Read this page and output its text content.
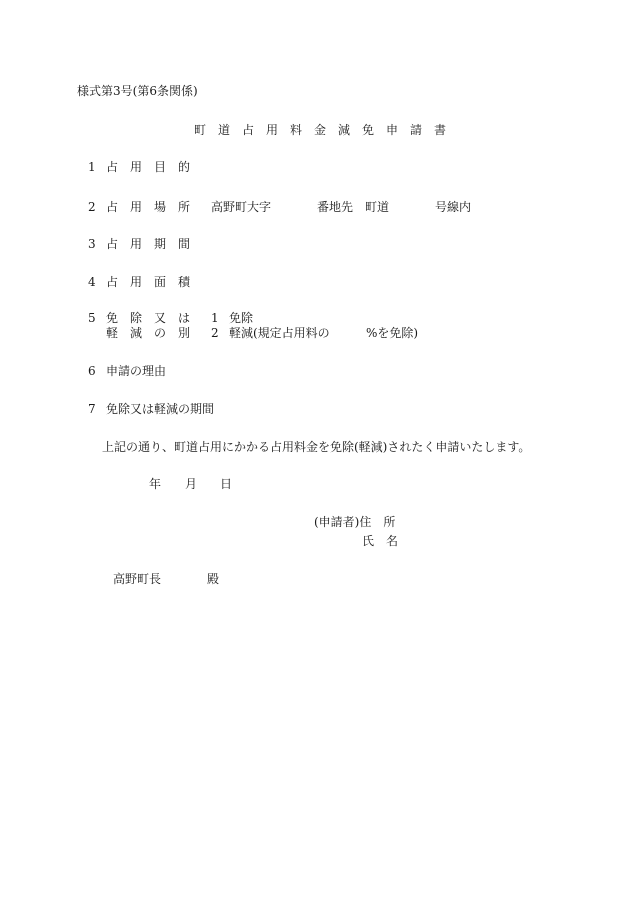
様式第3号(第6条関係)
町　道　占　用　料　金　減　免　申　請　書
1 占　用　目　的
2 占　用　場　所 高野町大字	番地先　町道	号線内
3 占　用　期　間
4 占　用　面　積
5 免　除　又　は
軽　減　の　別
1 免除
2 軽減(規定占用料の	%を免除)
6 申請の理由
7 免除又は軽減の期間
上記の通り、町道占用にかかる占用料金を免除(軽減)されたく申請いたします。
年 月 日
(申請者)住　所
氏　名
高野町長	殿
